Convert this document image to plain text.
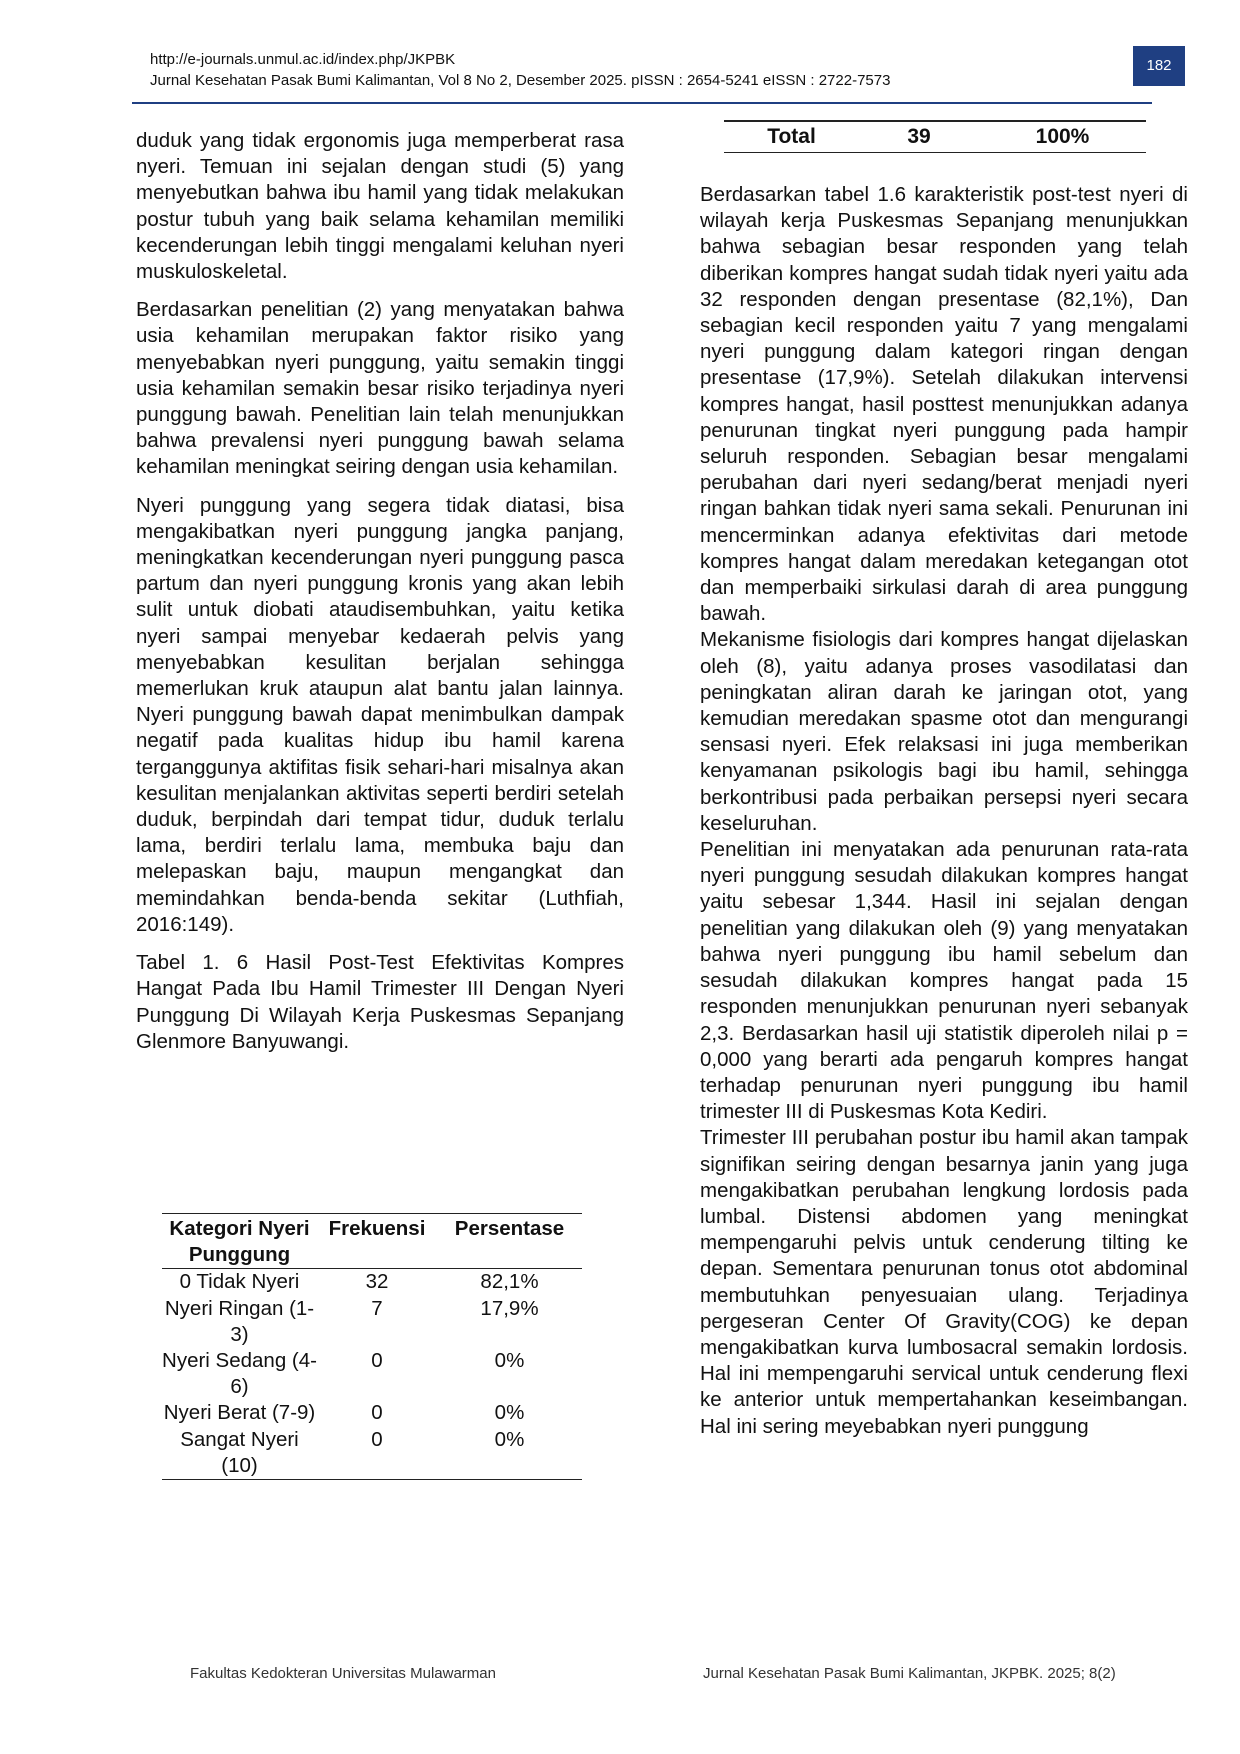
http://e-journals.unmul.ac.id/index.php/JKPBK
Jurnal Kesehatan Pasak Bumi Kalimantan, Vol 8 No 2, Desember 2025. pISSN : 2654-5241 eISSN : 2722-7573
182

duduk yang tidak ergonomis juga memperberat rasa nyeri. Temuan ini sejalan dengan studi (5) yang menyebutkan bahwa ibu hamil yang tidak melakukan postur tubuh yang baik selama kehamilan memiliki kecenderungan lebih tinggi mengalami keluhan nyeri muskuloskeletal.

Berdasarkan penelitian (2) yang menyatakan bahwa usia kehamilan merupakan faktor risiko yang menyebabkan nyeri punggung, yaitu semakin tinggi usia kehamilan semakin besar risiko terjadinya nyeri punggung bawah. Penelitian lain telah menunjukkan bahwa prevalensi nyeri punggung bawah selama kehamilan meningkat seiring dengan usia kehamilan.

Nyeri punggung yang segera tidak diatasi, bisa mengakibatkan nyeri punggung jangka panjang, meningkatkan kecenderungan nyeri punggung pasca partum dan nyeri punggung kronis yang akan lebih sulit untuk diobati ataudisembuhkan, yaitu ketika nyeri sampai menyebar kedaerah pelvis yang menyebabkan kesulitan berjalan sehingga memerlukan kruk ataupun alat bantu jalan lainnya. Nyeri punggung bawah dapat menimbulkan dampak negatif pada kualitas hidup ibu hamil karena terganggunya aktifitas fisik sehari-hari misalnya akan kesulitan menjalankan aktivitas seperti berdiri setelah duduk, berpindah dari tempat tidur, duduk terlalu lama, berdiri terlalu lama, membuka baju dan melepaskan baju, maupun mengangkat dan memindahkan benda-benda sekitar (Luthfiah, 2016:149).

Tabel 1. 6 Hasil Post-Test Efektivitas Kompres Hangat Pada Ibu Hamil Trimester III Dengan Nyeri Punggung Di Wilayah Kerja Puskesmas Sepanjang Glenmore Banyuwangi.

Kategori Nyeri Punggung	Frekuensi	Persentase
0 Tidak Nyeri	32	82,1%
Nyeri Ringan (1-3)	7	17,9%
Nyeri Sedang (4-6)	0	0%
Nyeri Berat (7-9)	0	0%
Sangat Nyeri (10)	0	0%
Total	39	100%

Berdasarkan tabel 1.6 karakteristik post-test nyeri di wilayah kerja Puskesmas Sepanjang menunjukkan bahwa sebagian besar responden yang telah diberikan kompres hangat sudah tidak nyeri yaitu ada 32 responden dengan presentase (82,1%), Dan sebagian kecil responden yaitu 7 yang mengalami nyeri punggung dalam kategori ringan dengan presentase (17,9%). Setelah dilakukan intervensi kompres hangat, hasil posttest menunjukkan adanya penurunan tingkat nyeri punggung pada hampir seluruh responden. Sebagian besar mengalami perubahan dari nyeri sedang/berat menjadi nyeri ringan bahkan tidak nyeri sama sekali. Penurunan ini mencerminkan adanya efektivitas dari metode kompres hangat dalam meredakan ketegangan otot dan memperbaiki sirkulasi darah di area punggung bawah.

Mekanisme fisiologis dari kompres hangat dijelaskan oleh (8), yaitu adanya proses vasodilatasi dan peningkatan aliran darah ke jaringan otot, yang kemudian meredakan spasme otot dan mengurangi sensasi nyeri. Efek relaksasi ini juga memberikan kenyamanan psikologis bagi ibu hamil, sehingga berkontribusi pada perbaikan persepsi nyeri secara keseluruhan.

Penelitian ini menyatakan ada penurunan rata-rata nyeri punggung sesudah dilakukan kompres hangat yaitu sebesar 1,344. Hasil ini sejalan dengan penelitian yang dilakukan oleh (9) yang menyatakan bahwa nyeri punggung ibu hamil sebelum dan sesudah dilakukan kompres hangat pada 15 responden menunjukkan penurunan nyeri sebanyak 2,3. Berdasarkan hasil uji statistik diperoleh nilai p = 0,000 yang berarti ada pengaruh kompres hangat terhadap penurunan nyeri punggung ibu hamil trimester III di Puskesmas Kota Kediri.

Trimester III perubahan postur ibu hamil akan tampak signifikan seiring dengan besarnya janin yang juga mengakibatkan perubahan lengkung lordosis pada lumbal. Distensi abdomen yang meningkat mempengaruhi pelvis untuk cenderung tilting ke depan. Sementara penurunan tonus otot abdominal membutuhkan penyesuaian ulang. Terjadinya pergeseran Center Of Gravity(COG) ke depan mengakibatkan kurva lumbosacral semakin lordosis. Hal ini mempengaruhi servical untuk cenderung flexi ke anterior untuk mempertahankan keseimbangan. Hal ini sering meyebabkan nyeri punggung

Fakultas Kedokteran Universitas Mulawarman	Jurnal Kesehatan Pasak Bumi Kalimantan, JKPBK. 2025; 8(2)
